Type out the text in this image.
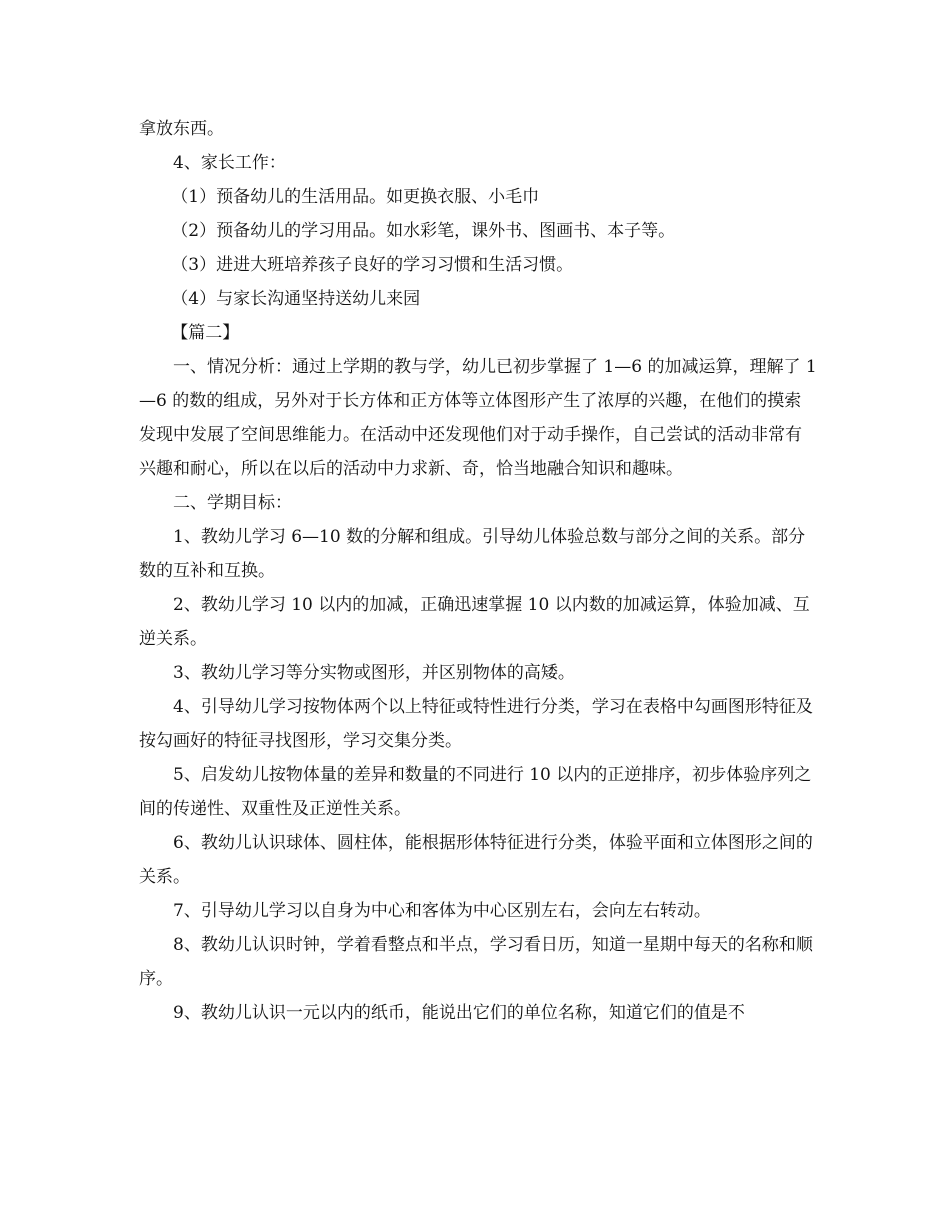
拿放东西。

4、家长工作：

（1）预备幼儿的生活用品。如更换衣服、小毛巾

（2）预备幼儿的学习用品。如水彩笔，课外书、图画书、本子等。

（3）进进大班培养孩子良好的学习习惯和生活习惯。

（4）与家长沟通坚持送幼儿来园

【篇二】

一、情况分析：通过上学期的教与学，幼儿已初步掌握了 1—6 的加减运算，理解了 1—6 的数的组成，另外对于长方体和正方体等立体图形产生了浓厚的兴趣，在他们的摸索发现中发展了空间思维能力。在活动中还发现他们对于动手操作，自己尝试的活动非常有兴趣和耐心，所以在以后的活动中力求新、奇，恰当地融合知识和趣味。

二、学期目标：

1、教幼儿学习 6—10 数的分解和组成。引导幼儿体验总数与部分之间的关系。部分数的互补和互换。

2、教幼儿学习 10 以内的加减，正确迅速掌握 10 以内数的加减运算，体验加减、互逆关系。

3、教幼儿学习等分实物或图形，并区别物体的高矮。

4、引导幼儿学习按物体两个以上特征或特性进行分类，学习在表格中勾画图形特征及按勾画好的特征寻找图形，学习交集分类。

5、启发幼儿按物体量的差异和数量的不同进行 10 以内的正逆排序，初步体验序列之间的传递性、双重性及正逆性关系。

6、教幼儿认识球体、圆柱体，能根据形体特征进行分类，体验平面和立体图形之间的关系。

7、引导幼儿学习以自身为中心和客体为中心区别左右，会向左右转动。

8、教幼儿认识时钟，学着看整点和半点，学习看日历，知道一星期中每天的名称和顺序。

9、教幼儿认识一元以内的纸币，能说出它们的单位名称，知道它们的值是不
